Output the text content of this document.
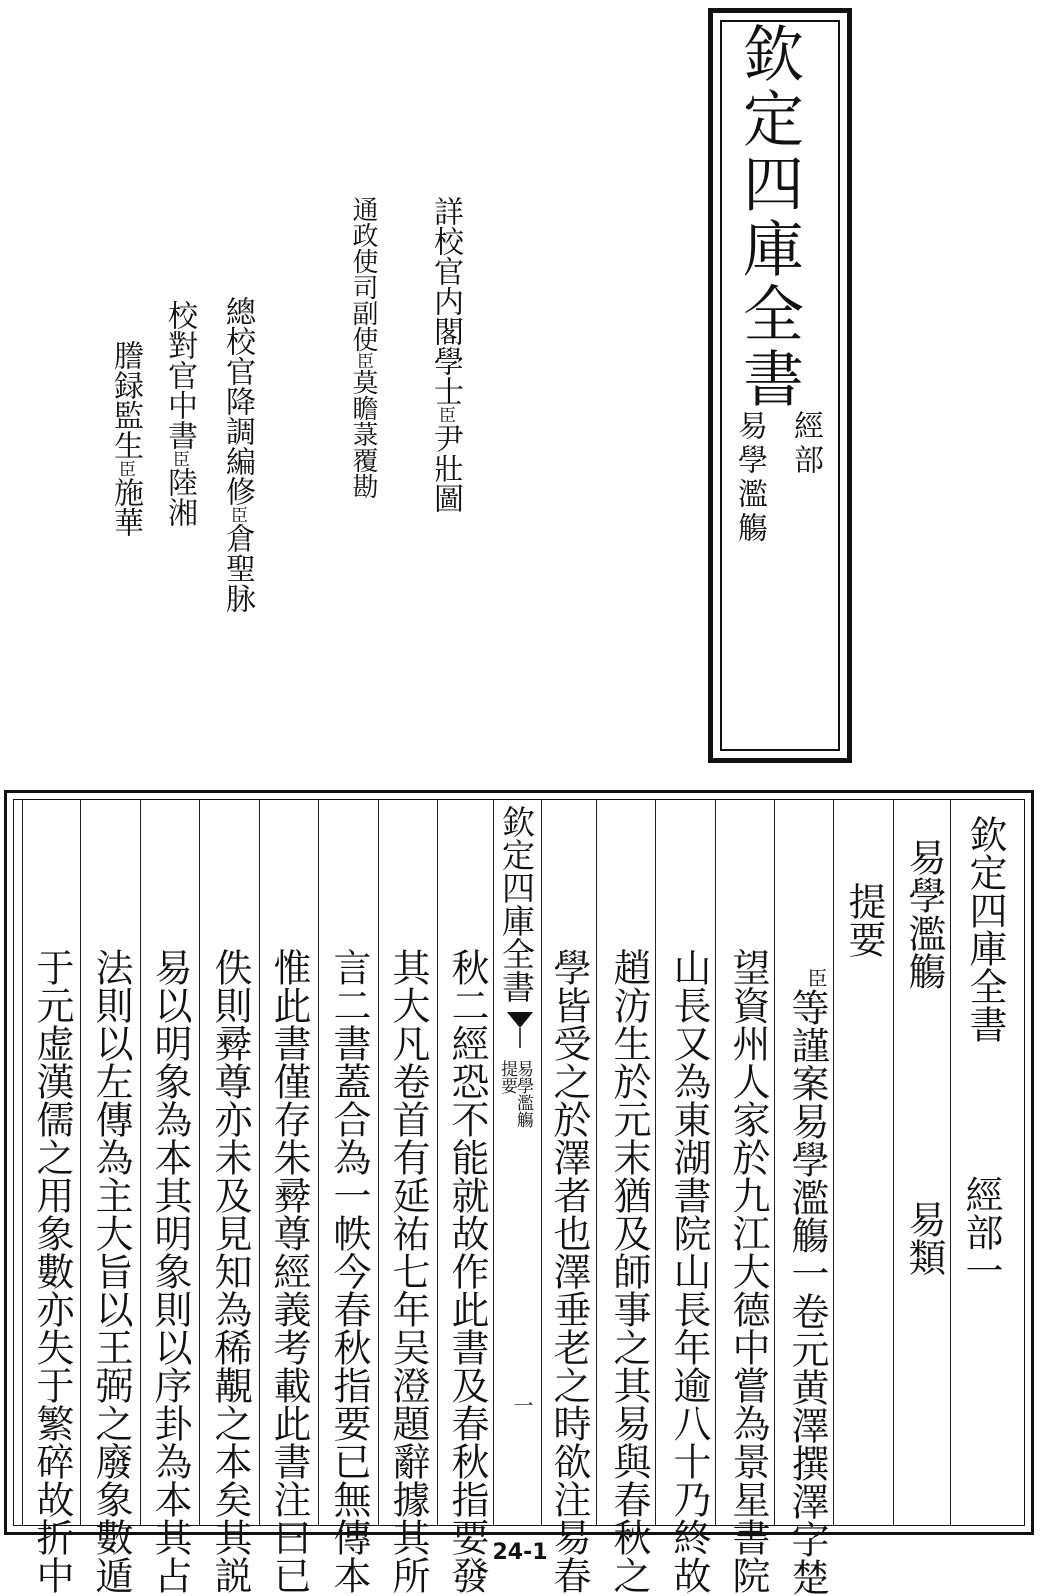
欽定四庫全書
經部
易學濫觴
詳校官内閣學士臣尹壯圖
通政使司副使臣莫瞻菉覆勘
總校官降調編修臣倉聖脉
校對官中書臣陸湘
謄録監生臣施華
欽定四庫全書
經部一
易學濫觴
易類
提要
欽定四庫全書
易學濫觴
提要
一
$^臣$等謹案易學濫觴一卷元黄澤撰澤字楚
望資州人家於九江大德中嘗為景星書院
山長又為東湖書院山長年逾八十乃終故
趙汸生於元末猶及師事之其易與春秋之
學皆受之於澤者也澤垂老之時欲注易春
秋二經恐不能就故作此書及春秋指要發
其大凡卷首有延祐七年吴澄題辭據其所
言二書蓋合為一帙今春秋指要已無傳本
惟此書僅存朱彛尊經義考載此書注曰已
佚則彛尊亦未及見知為稀覯之本矣其説
易以明象為本其明象則以序卦為本其占
法則以左傳為主大旨以王弼之廢象數遁
于元虚漢儒之用象數亦失于繁碎故折中	24-1
